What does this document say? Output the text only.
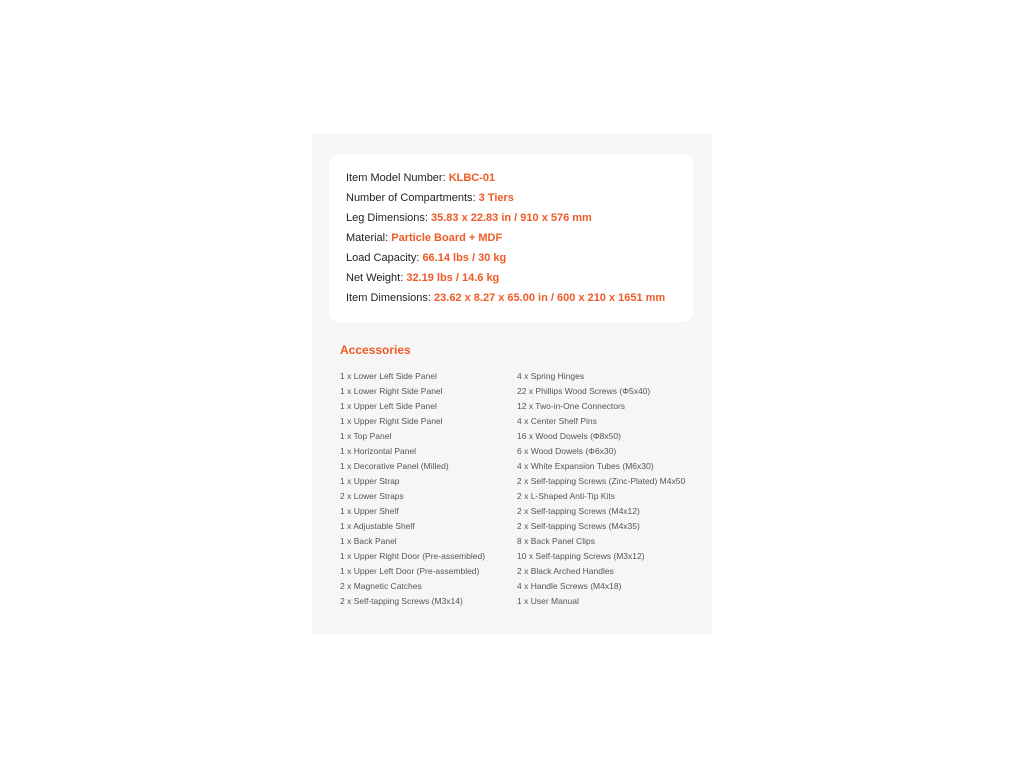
Item Model Number: KLBC-01
Number of Compartments: 3 Tiers
Leg Dimensions: 35.83 x 22.83 in / 910 x 576 mm
Material: Particle Board + MDF
Load Capacity: 66.14 lbs / 30 kg
Net Weight: 32.19 lbs / 14.6 kg
Item Dimensions: 23.62 x 8.27 x 65.00 in / 600 x 210 x 1651 mm
Accessories
1 x Lower Left Side Panel
1 x Lower Right Side Panel
1 x Upper Left Side Panel
1 x Upper Right Side Panel
1 x Top Panel
1 x Horizontal Panel
1 x Decorative Panel (Milled)
1 x Upper Strap
2 x Lower Straps
1 x Upper Shelf
1 x Adjustable Shelf
1 x Back Panel
1 x Upper Right Door (Pre-assembled)
1 x Upper Left Door (Pre-assembled)
2 x Magnetic Catches
2 x Self-tapping Screws (M3x14)
4 x Spring Hinges
22 x Phillips Wood Screws (Φ5x40)
12 x Two-in-One Connectors
4 x Center Shelf Pins
16 x Wood Dowels (Φ8x50)
6 x Wood Dowels (Φ6x30)
4 x White Expansion Tubes (M6x30)
2 x Self-tapping Screws (Zinc-Plated) M4x50
2 x L-Shaped Anti-Tip Kits
2 x Self-tapping Screws (M4x12)
2 x Self-tapping Screws (M4x35)
8 x Back Panel Clips
10 x Self-tapping Screws (M3x12)
2 x Black Arched Handles
4 x Handle Screws (M4x18)
1 x User Manual
